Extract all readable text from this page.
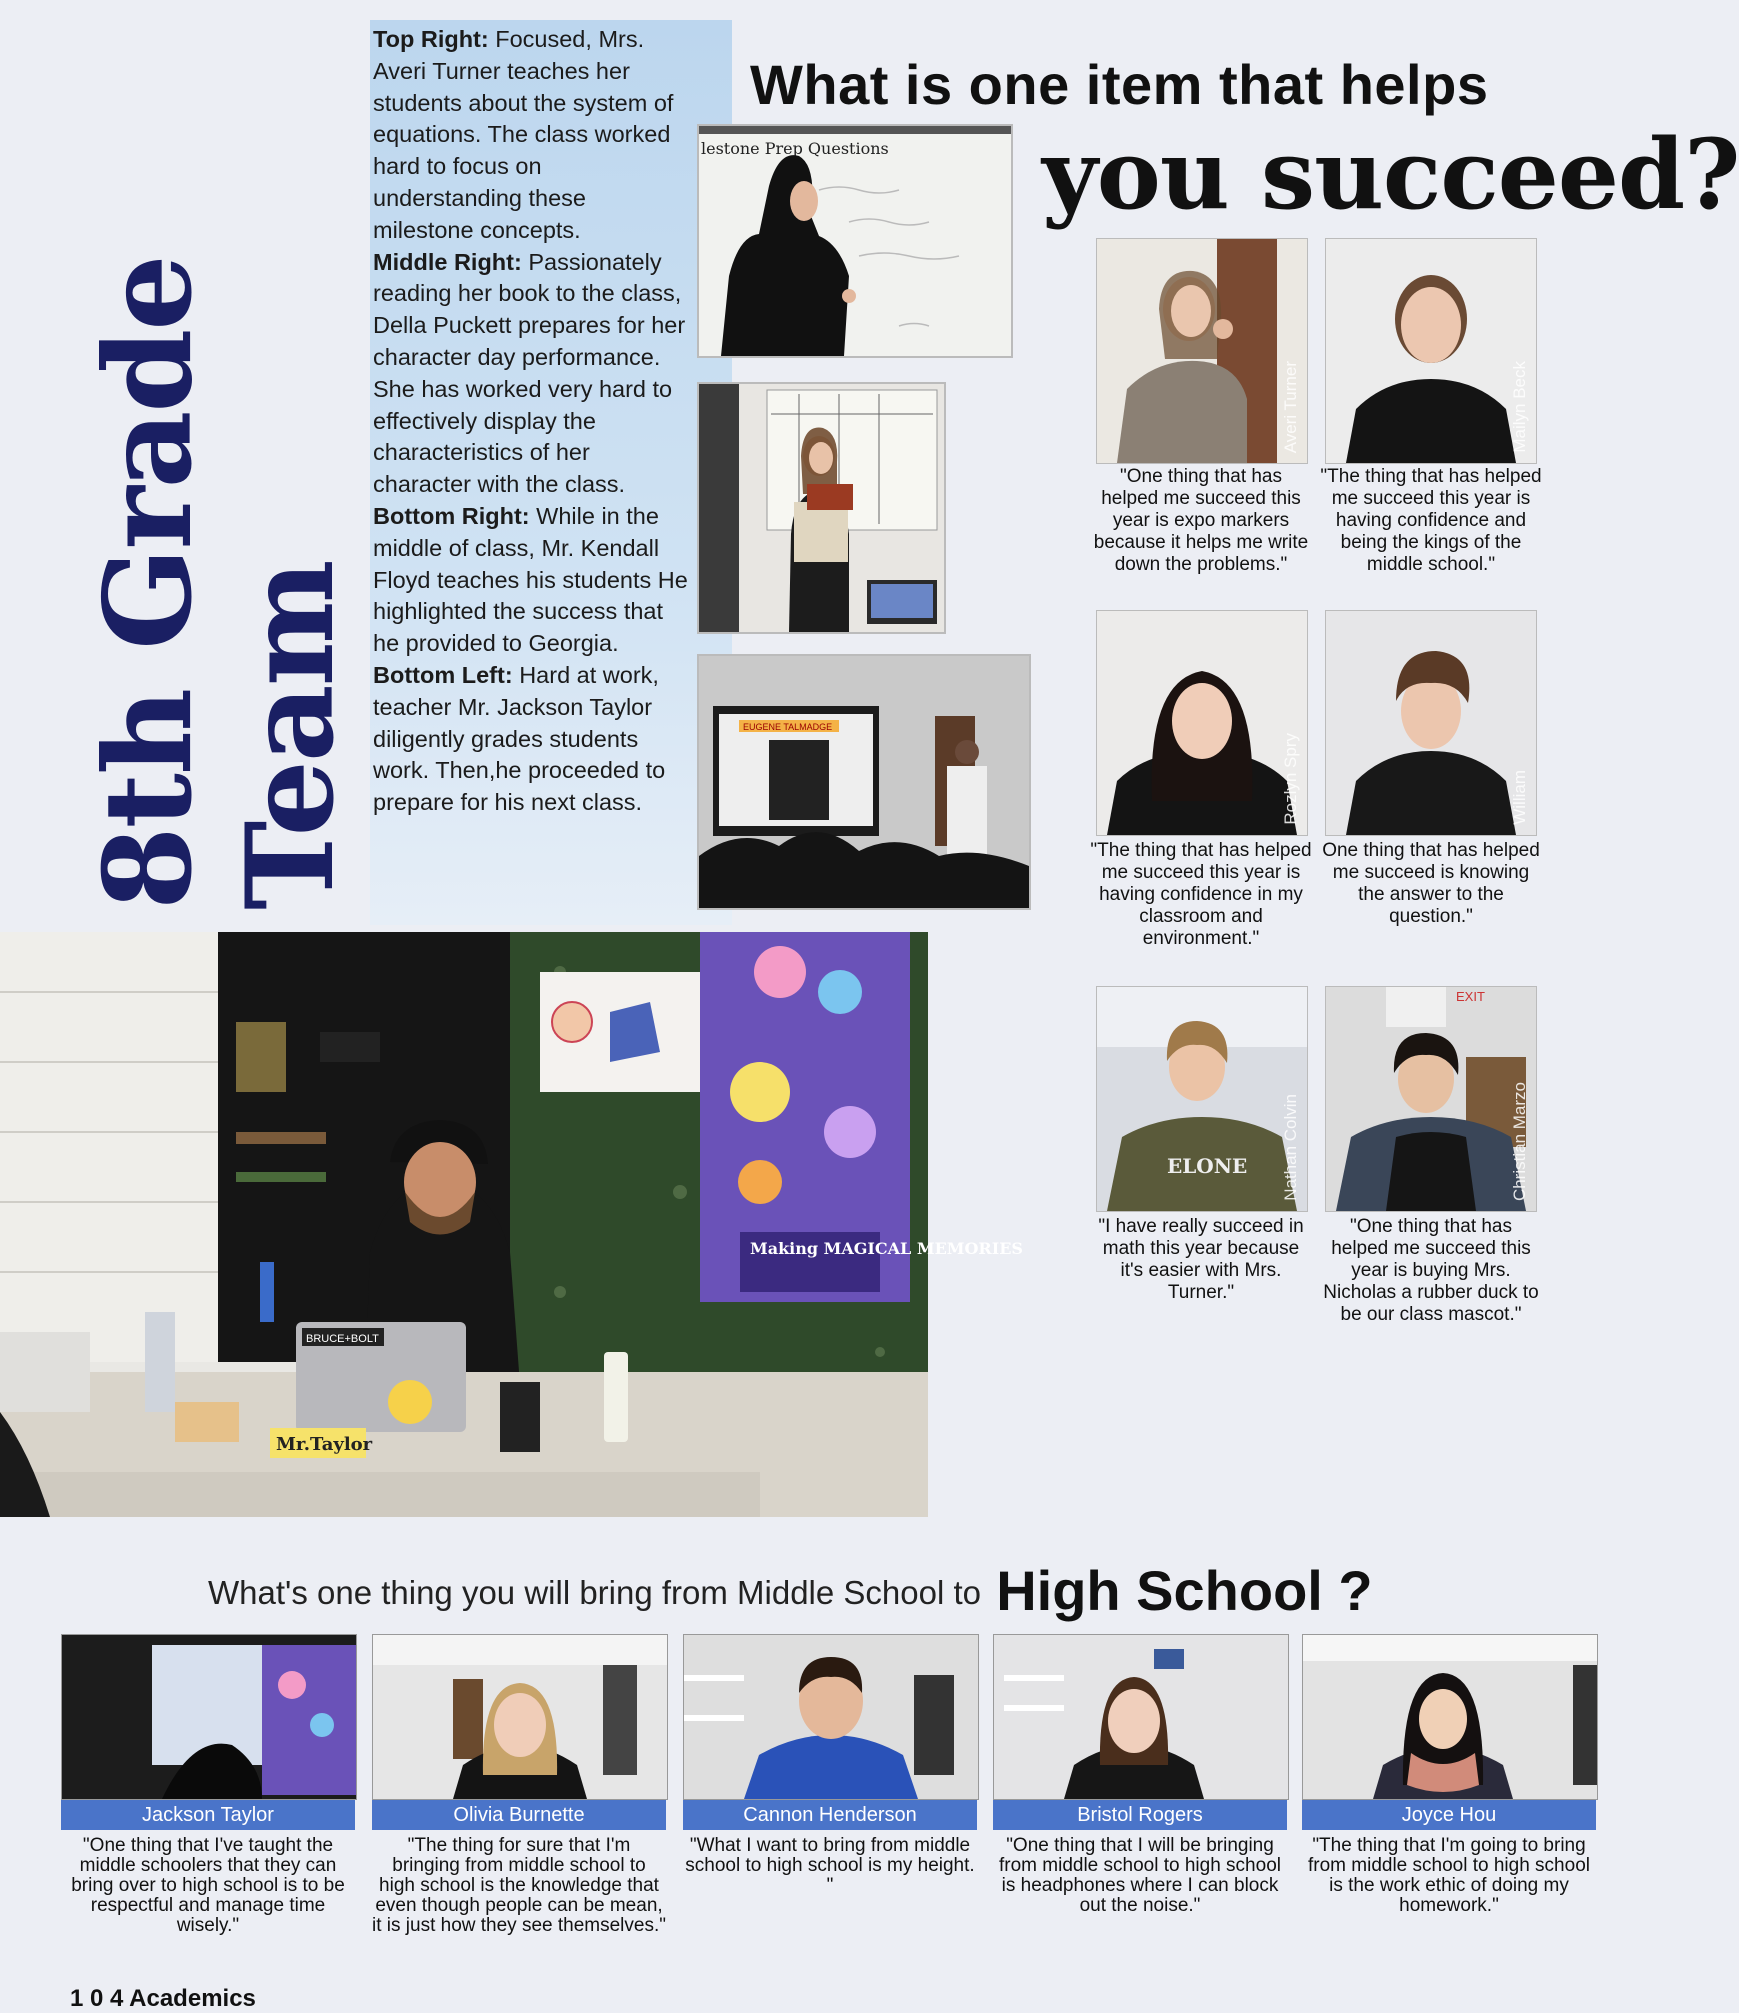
8th Grade Team
Top Right: Focused, Mrs. Averi Turner teaches her students about the system of equations. The class worked hard to focus on understanding these milestone concepts.
Middle Right: Passionately reading her book to the class, Della Puckett prepares for her character day performance. She has worked very hard to effectively display the characteristics of her character with the class.
Bottom Right: While in the middle of class, Mr. Kendall Floyd teaches his students He highlighted the success that he provided to Georgia.
Bottom Left: Hard at work, teacher Mr. Jackson Taylor diligently grades students work. Then,he proceeded to prepare for his next class.
What is one item that helps
you succeed?
lestone Prep Questions
EUGENE TALMADGE
Making MAGICAL MEMORIES
BRUCE+BOLT
Mr.Taylor
Averi Turner	Mailyn Beck
"One thing that has helped me succeed this year is expo markers because it helps me write down the problems."
"The thing that has helped me succeed this year is having confidence and being the kings of the middle school."
Rozlyn Spry	William
"The thing that has helped me succeed this year is having confidence in my classroom and environment."
One thing that has helped me succeed is knowing the answer to the question."
ELONE Nathan Colvin
EXIT
Christian Marzo
"I have really succeed in math this year because it's easier with Mrs. Turner."
"One thing that has helped me succeed this year is buying Mrs. Nicholas a rubber duck to be our class mascot."
What's one thing you will bring from Middle School to High School ?
Jackson Taylor
"One thing that I've taught the middle schoolers that they can bring over to high school is to be respectful and manage time wisely."
Olivia Burnette
"The thing for sure that I'm bringing from middle school to high school is the knowledge that even though people can be mean, it is just how they see themselves."
Cannon Henderson
"What I want to bring from middle school to high school is my height. "
Bristol Rogers
"One thing that I will be bringing from middle school to high school is headphones where I can block out the noise."
Joyce Hou
"The thing that I'm going to bring from middle school to high school is the work ethic of doing my homework."
1 0 4 Academics
